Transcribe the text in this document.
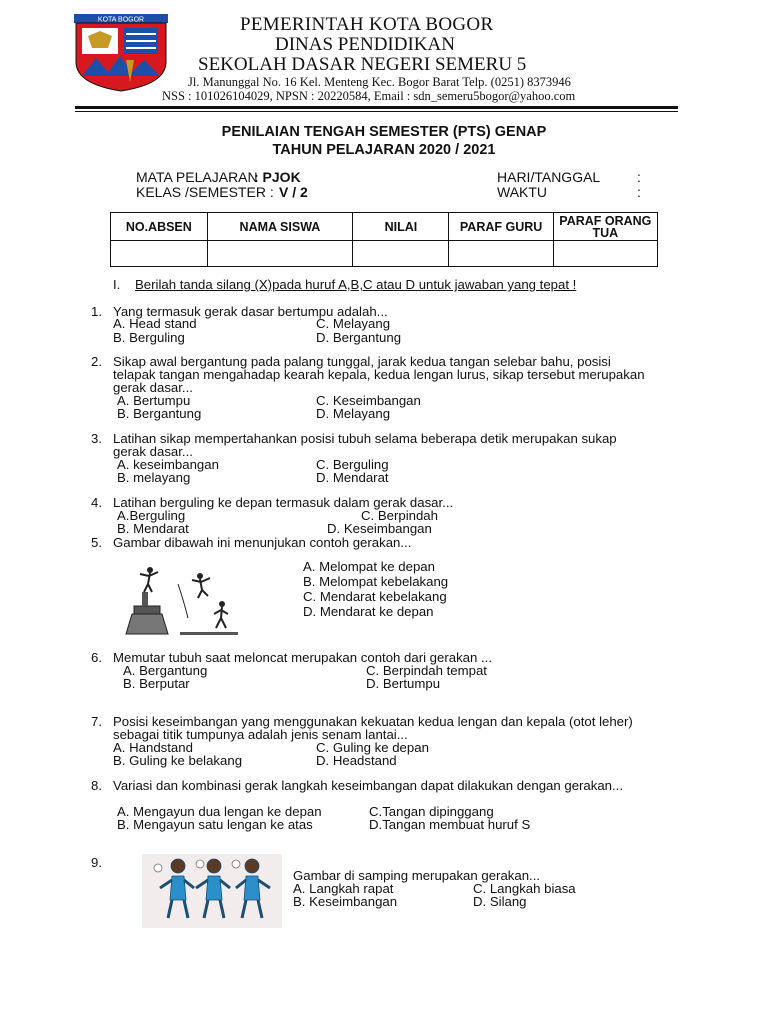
KOTA BOGOR	PEMERINTAH KOTA BOGOR
DINAS PENDIDIKAN
SEKOLAH DASAR NEGERI SEMERU 5
Jl. Manunggal No. 16 Kel. Menteng Kec. Bogor Barat Telp. (0251) 8373946
NSS : 101026104029, NPSN : 20220584, Email : sdn_semeru5bogor@yahoo.com
PENILAIAN TENGAH SEMESTER (PTS) GENAP
TAHUN PELAJARAN 2020 / 2021
MATA PELAJARAN
: PJOK
KELAS /SEMESTER : V / 2
HARI/TANGGAL	:
WAKTU	:
NO.ABSEN	NAMA SISWA	NILAI	PARAF GURU	PARAF ORANG TUA

I. Berilah tanda silang (X)pada huruf A,B,C atau D untuk jawaban yang tepat !
1. Yang termasuk gerak dasar bertumpu adalah...
A. Head stand
B. Berguling
C. Melayang
D. Bergantung
2. Sikap awal bergantung pada palang tunggal, jarak kedua tangan selebar bahu, posisi
telapak tangan mengahadap kearah kepala, kedua lengan lurus, sikap tersebut merupakan
gerak dasar...
A. Bertumpu
B. Bergantung
C. Keseimbangan
D. Melayang
3. Latihan sikap mempertahankan posisi tubuh selama beberapa detik merupakan sukap
gerak dasar...
A. keseimbangan
B. melayang
C. Berguling
D. Mendarat
4. Latihan berguling ke depan termasuk dalam gerak dasar...
A.Berguling
B. Mendarat
C. Berpindah
D. Keseimbangan
5. Gambar dibawah ini menunjukan contoh gerakan...
A. Melompat ke depan
B. Melompat kebelakang
C. Mendarat kebelakang
D. Mendarat ke depan
6. Memutar tubuh saat meloncat merupakan contoh dari gerakan ...
A. Bergantung
B. Berputar
C. Berpindah tempat
D. Bertumpu
7. Posisi keseimbangan yang menggunakan kekuatan kedua lengan dan kepala (otot leher)
sebagai titik tumpunya adalah jenis senam lantai...
A. Handstand
B. Guling ke belakang
C. Guling ke depan
D. Headstand
8. Variasi dan kombinasi gerak langkah keseimbangan dapat dilakukan dengan gerakan...
A. Mengayun dua lengan ke depan
B. Mengayun satu lengan ke atas
C.Tangan dipinggang
D.Tangan membuat huruf S
9.
Gambar di samping merupakan gerakan...
A. Langkah rapat
B. Keseimbangan
C. Langkah biasa
D. Silang
